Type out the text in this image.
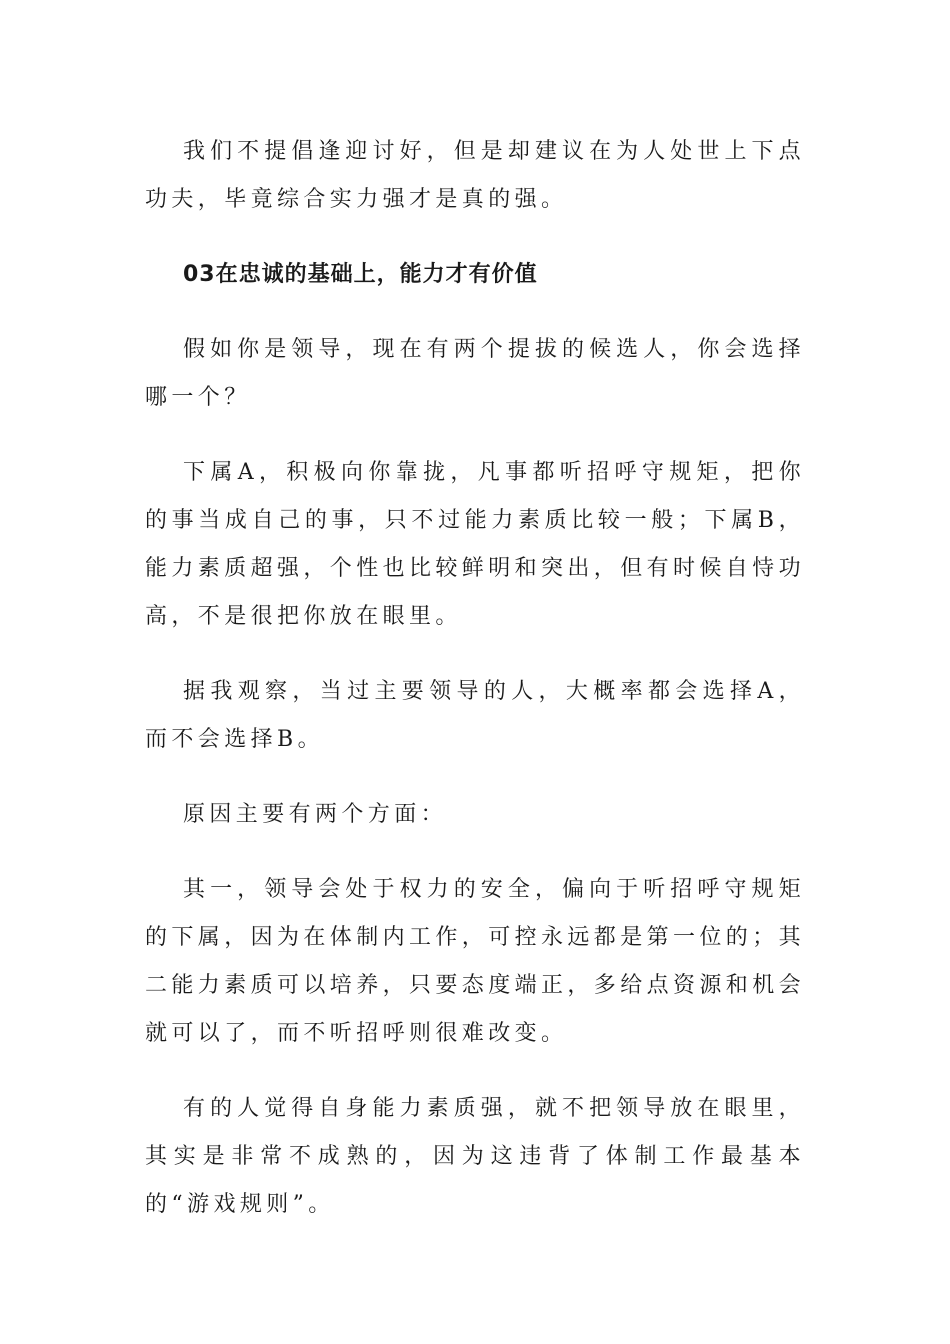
我们不提倡逢迎讨好，但是却建议在为人处世上下点功夫，毕竟综合实力强才是真的强。

03在忠诚的基础上，能力才有价值

假如你是领导，现在有两个提拔的候选人，你会选择哪一个？

下属A，积极向你靠拢，凡事都听招呼守规矩，把你的事当成自己的事，只不过能力素质比较一般；下属B，能力素质超强，个性也比较鲜明和突出，但有时候自恃功高，不是很把你放在眼里。

据我观察，当过主要领导的人，大概率都会选择A，而不会选择B。

原因主要有两个方面：

其一，领导会处于权力的安全，偏向于听招呼守规矩的下属，因为在体制内工作，可控永远都是第一位的；其二能力素质可以培养，只要态度端正，多给点资源和机会就可以了，而不听招呼则很难改变。

有的人觉得自身能力素质强，就不把领导放在眼里，其实是非常不成熟的，因为这违背了体制工作最基本的“游戏规则”。
